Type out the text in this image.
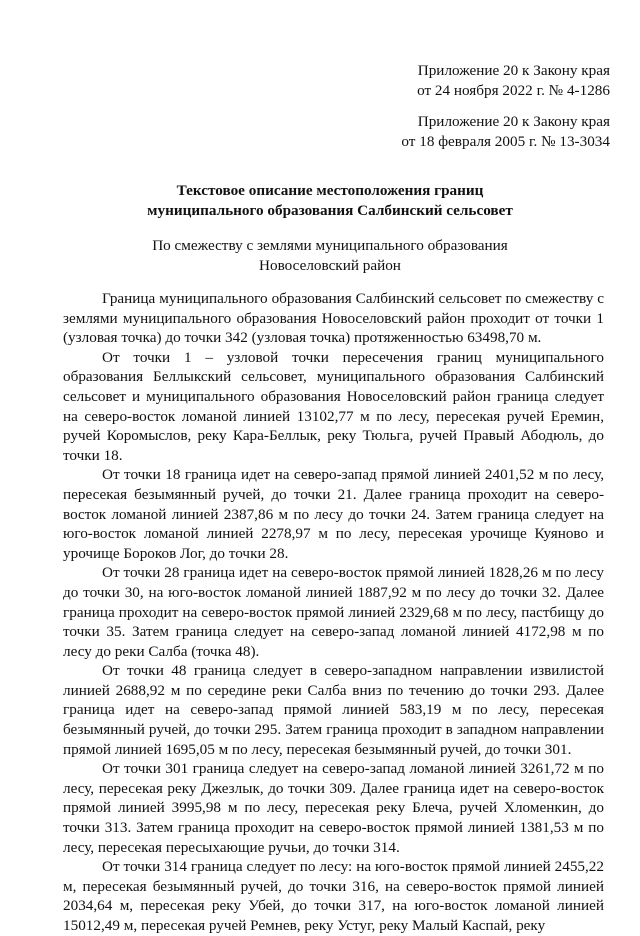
Приложение 20 к Закону края
от 24 ноября 2022 г. № 4-1286
Приложение 20 к Закону края
от 18 февраля 2005 г. № 13-3034
Текстовое описание местоположения границ
муниципального образования Салбинский сельсовет
По смежеству с землями муниципального образования
Новоселовский район

Граница муниципального образования Салбинский сельсовет по смежеству с землями муниципального образования Новоселовский район проходит от точки 1 (узловая точка) до точки 342 (узловая точка) протяженностью 63498,70 м.

От точки 1 – узловой точки пересечения границ муниципального образования Беллыкский сельсовет, муниципального образования Салбинский сельсовет и муниципального образования Новоселовский район граница следует на северо-восток ломаной линией 13102,77 м по лесу, пересекая ручей Еремин, ручей Коромыслов, реку Кара-Беллык, реку Тюльга, ручей Правый Абодюль, до точки 18.

От точки 18 граница идет на северо-запад прямой линией 2401,52 м по лесу, пересекая безымянный ручей, до точки 21. Далее граница проходит на северо-восток ломаной линией 2387,86 м по лесу до точки 24. Затем граница следует на юго-восток ломаной линией 2278,97 м по лесу, пересекая урочище Куяново и урочище Бороков Лог, до точки 28.

От точки 28 граница идет на северо-восток прямой линией 1828,26 м по лесу до точки 30, на юго-восток ломаной линией 1887,92 м по лесу до точки 32. Далее граница проходит на северо-восток прямой линией 2329,68 м по лесу, пастбищу до точки 35. Затем граница следует на северо-запад ломаной линией 4172,98 м по лесу до реки Салба (точка 48).

От точки 48 граница следует в северо-западном направлении извилистой линией 2688,92 м по середине реки Салба вниз по течению до точки 293. Далее граница идет на северо-запад прямой линией 583,19 м по лесу, пересекая безымянный ручей, до точки 295. Затем граница проходит в западном направлении прямой линией 1695,05 м по лесу, пересекая безымянный ручей, до точки 301.

От точки 301 граница следует на северо-запад ломаной линией 3261,72 м по лесу, пересекая реку Джезлык, до точки 309. Далее граница идет на северо-восток прямой линией 3995,98 м по лесу, пересекая реку Блеча, ручей Хломенкин, до точки 313. Затем граница проходит на северо-восток прямой линией 1381,53 м по лесу, пересекая пересыхающие ручьи, до точки 314.

От точки 314 граница следует по лесу: на юго-восток прямой линией 2455,22 м, пересекая безымянный ручей, до точки 316, на северо-восток прямой линией 2034,64 м, пересекая реку Убей, до точки 317, на юго-восток ломаной линией 15012,49 м, пересекая ручей Ремнев, реку Устуг, реку Малый Каспай, реку
